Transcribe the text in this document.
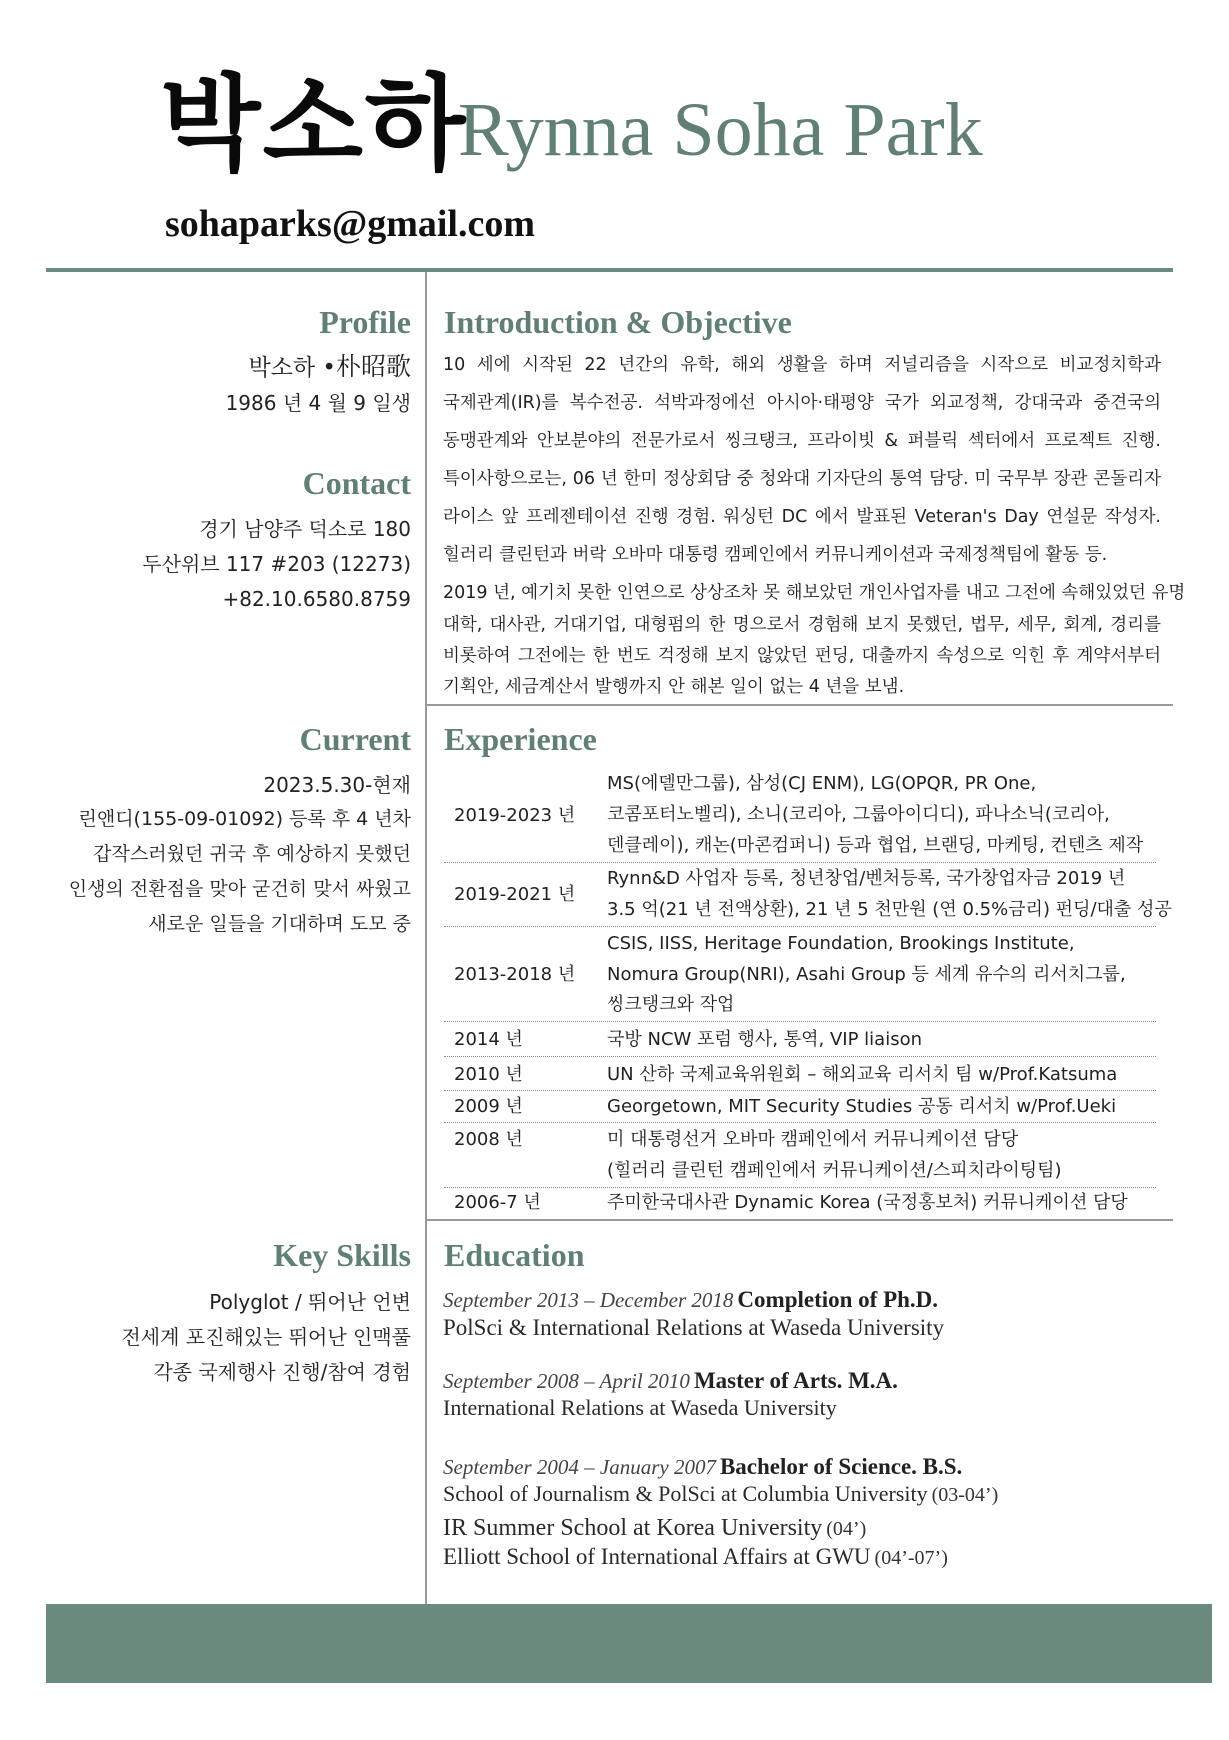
박소하
Rynna Soha Park
sohaparks@gmail.com
Profile
박소하 •朴昭歌
1986 년 4 월 9 일생
Contact
경기 남양주 덕소로 180
두산위브 117 #203 (12273)
+82.10.6580.8759
Current
2023.5.30-현재
린앤디(155-09-01092) 등록 후 4 년차
갑작스러웠던 귀국 후 예상하지 못했던
인생의 전환점을 맞아 굳건히 맞서 싸웠고
새로운 일들을 기대하며 도모 중
Key Skills
Polyglot / 뛰어난 언변
전세계 포진해있는 뛰어난 인맥풀
각종 국제행사 진행/참여 경험
Introduction & Objective
10 세에 시작된 22 년간의 유학, 해외 생활을 하며 저널리즘을 시작으로 비교정치학과
국제관계(IR)를 복수전공. 석박과정에선 아시아·태평양 국가 외교정책, 강대국과 중견국의
동맹관계와 안보분야의 전문가로서 씽크탱크, 프라이빗 & 퍼블릭 섹터에서 프로젝트 진행.
특이사항으로는, 06 년 한미 정상회담 중 청와대 기자단의 통역 담당. 미 국무부 장관 콘돌리자
라이스 앞 프레젠테이션 진행 경험. 워싱턴 DC 에서 발표된 Veteran's Day 연설문 작성자.
힐러리 클린턴과 버락 오바마 대통령 캠페인에서 커뮤니케이션과 국제정책팀에 활동 등.
2019 년, 예기치 못한 인연으로 상상조차 못 해보았던 개인사업자를 내고 그전에 속해있었던 유명
대학, 대사관, 거대기업, 대형펌의 한 명으로서 경험해 보지 못했던, 법무, 세무, 회계, 경리를
비롯하여 그전에는 한 번도 걱정해 보지 않았던 펀딩, 대출까지 속성으로 익힌 후 계약서부터
기획안, 세금계산서 발행까지 안 해본 일이 없는 4 년을 보냄.
Experience
2019-2023 년
MS(에델만그룹), 삼성(CJ ENM), LG(OPQR, PR One,
코콤포터노벨리), 소니(코리아, 그룹아이디디), 파나소닉(코리아,
덴클레이), 캐논(마콘컴퍼니) 등과 협업, 브랜딩, 마케팅, 컨텐츠 제작
2019-2021 년
Rynn&D 사업자 등록, 청년창업/벤처등록, 국가창업자금 2019 년
3.5 억(21 년 전액상환), 21 년 5 천만원 (연 0.5%금리) 펀딩/대출 성공
2013-2018 년
CSIS, IISS, Heritage Foundation, Brookings Institute,
Nomura Group(NRI), Asahi Group 등 세계 유수의 리서치그룹,
씽크탱크와 작업
2014 년	국방 NCW 포럼 행사, 통역, VIP liaison
2010 년	UN 산하 국제교육위원회 – 해외교육 리서치 팀 w/Prof.Katsuma
2009 년	Georgetown, MIT Security Studies 공동 리서치 w/Prof.Ueki
2008 년	미 대통령선거 오바마 캠페인에서 커뮤니케이션 담당
(힐러리 클린턴 캠페인에서 커뮤니케이션/스피치라이팅팀)
2006-7 년	주미한국대사관 Dynamic Korea (국정홍보처) 커뮤니케이션 담당
Education
September 2013 – December 2018 Completion of Ph.D.
PolSci & International Relations at Waseda University
September 2008 – April 2010 Master of Arts. M.A.
International Relations at Waseda University
September 2004 – January 2007 Bachelor of Science. B.S.
School of Journalism & PolSci at Columbia University (03-04’)
IR Summer School at Korea University (04’)
Elliott School of International Affairs at GWU (04’-07’)
